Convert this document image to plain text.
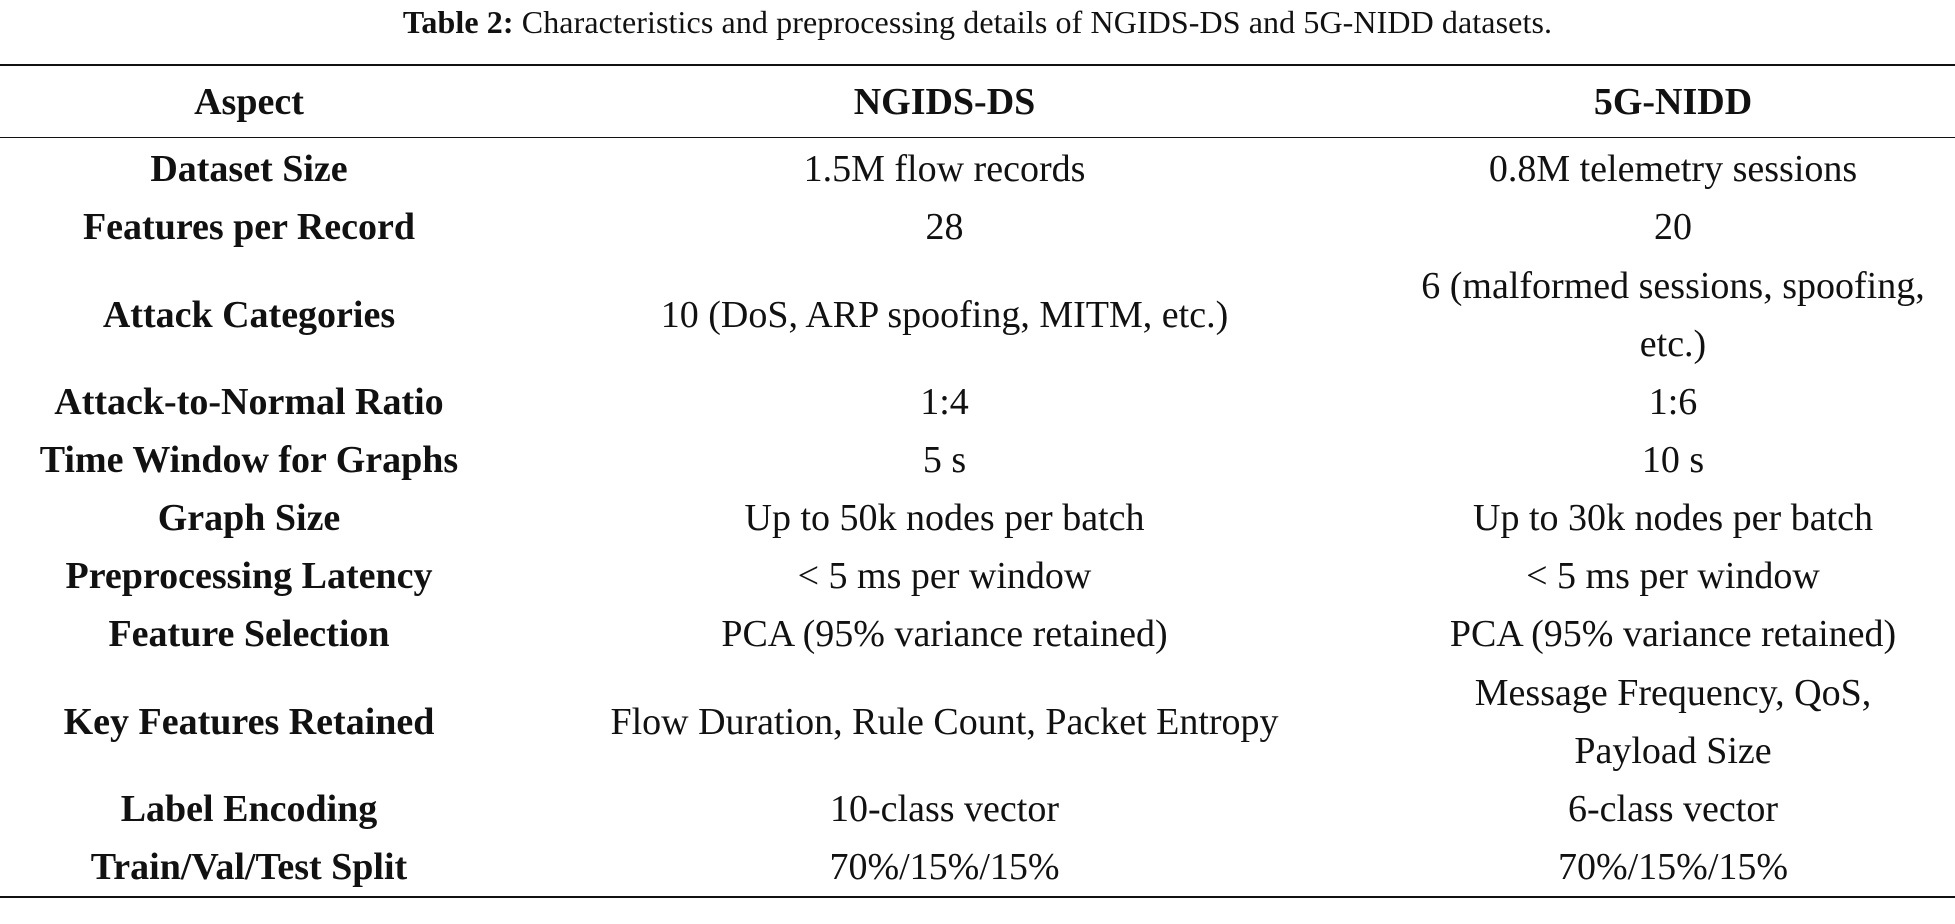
Table 2: Characteristics and preprocessing details of NGIDS-DS and 5G-NIDD datasets.
Aspect	NGIDS-DS	5G-NIDD
Dataset Size	1.5M flow records	0.8M telemetry sessions
Features per Record	28	20
Attack Categories	10 (DoS, ARP spoofing, MITM, etc.)	6 (malformed sessions, spoofing, etc.)
Attack-to-Normal Ratio	1:4	1:6
Time Window for Graphs	5 s	10 s
Graph Size	Up to 50k nodes per batch	Up to 30k nodes per batch
Preprocessing Latency	< 5 ms per window	< 5 ms per window
Feature Selection	PCA (95% variance retained)	PCA (95% variance retained)
Key Features Retained	Flow Duration, Rule Count, Packet Entropy	Message Frequency, QoS, Payload Size
Label Encoding	10-class vector	6-class vector
Train/Val/Test Split	70%/15%/15%	70%/15%/15%
